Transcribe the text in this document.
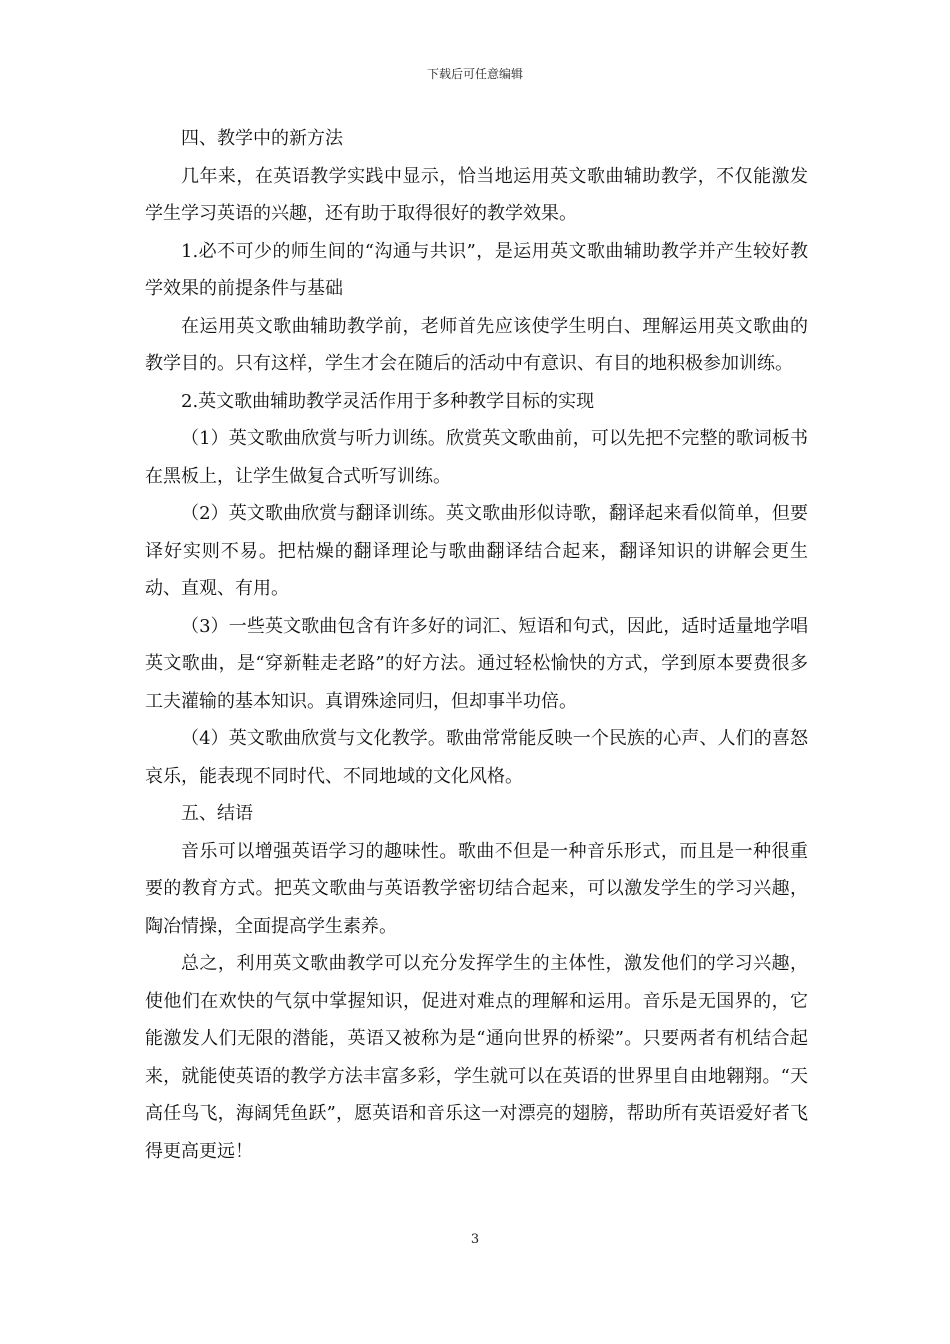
下载后可任意编辑

四、教学中的新方法

几年来，在英语教学实践中显示，恰当地运用英文歌曲辅助教学，不仅能激发学生学习英语的兴趣，还有助于取得很好的教学效果。

1.必不可少的师生间的“沟通与共识”，是运用英文歌曲辅助教学并产生较好教学效果的前提条件与基础

在运用英文歌曲辅助教学前，老师首先应该使学生明白、理解运用英文歌曲的教学目的。只有这样，学生才会在随后的活动中有意识、有目的地积极参加训练。

2.英文歌曲辅助教学灵活作用于多种教学目标的实现

（1）英文歌曲欣赏与听力训练。欣赏英文歌曲前，可以先把不完整的歌词板书在黑板上，让学生做复合式听写训练。

（2）英文歌曲欣赏与翻译训练。英文歌曲形似诗歌，翻译起来看似简单，但要译好实则不易。把枯燥的翻译理论与歌曲翻译结合起来，翻译知识的讲解会更生动、直观、有用。

（3）一些英文歌曲包含有许多好的词汇、短语和句式，因此，适时适量地学唱英文歌曲，是“穿新鞋走老路”的好方法。通过轻松愉快的方式，学到原本要费很多工夫灌输的基本知识。真谓殊途同归，但却事半功倍。

（4）英文歌曲欣赏与文化教学。歌曲常常能反映一个民族的心声、人们的喜怒哀乐，能表现不同时代、不同地域的文化风格。

五、结语

音乐可以增强英语学习的趣味性。歌曲不但是一种音乐形式，而且是一种很重要的教育方式。把英文歌曲与英语教学密切结合起来，可以激发学生的学习兴趣，陶冶情操，全面提高学生素养。

总之，利用英文歌曲教学可以充分发挥学生的主体性，激发他们的学习兴趣，使他们在欢快的气氛中掌握知识，促进对难点的理解和运用。音乐是无国界的，它能激发人们无限的潜能，英语又被称为是“通向世界的桥梁”。只要两者有机结合起来，就能使英语的教学方法丰富多彩，学生就可以在英语的世界里自由地翱翔。“天高任鸟飞，海阔凭鱼跃”，愿英语和音乐这一对漂亮的翅膀，帮助所有英语爱好者飞得更高更远！

3
